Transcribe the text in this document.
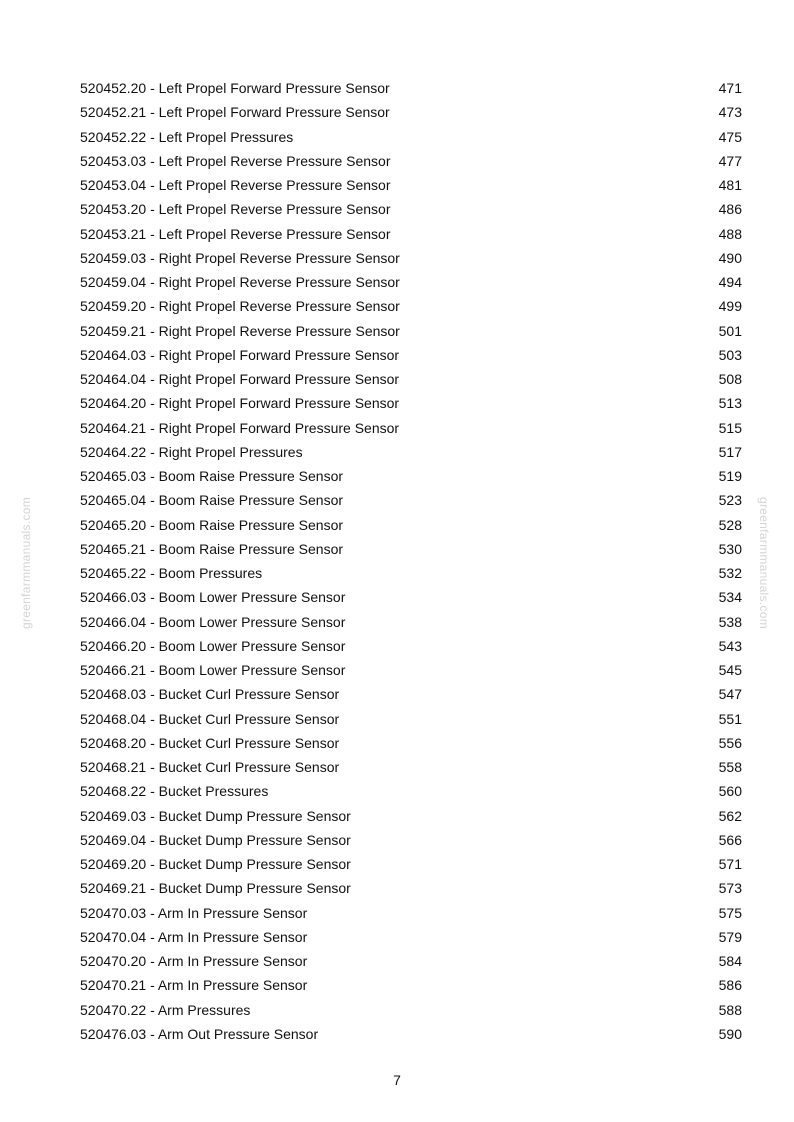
greenfarmmanuals.com	greenfarmmanuals.com
520452.20 - Left Propel Forward Pressure Sensor	471
520452.21 - Left Propel Forward Pressure Sensor	473
520452.22 - Left Propel Pressures	475
520453.03 - Left Propel Reverse Pressure Sensor	477
520453.04 - Left Propel Reverse Pressure Sensor	481
520453.20 - Left Propel Reverse Pressure Sensor	486
520453.21 - Left Propel Reverse Pressure Sensor	488
520459.03 - Right Propel Reverse Pressure Sensor	490
520459.04 - Right Propel Reverse Pressure Sensor	494
520459.20 - Right Propel Reverse Pressure Sensor	499
520459.21 - Right Propel Reverse Pressure Sensor	501
520464.03 - Right Propel Forward Pressure Sensor	503
520464.04 - Right Propel Forward Pressure Sensor	508
520464.20 - Right Propel Forward Pressure Sensor	513
520464.21 - Right Propel Forward Pressure Sensor	515
520464.22 - Right Propel Pressures	517
520465.03 - Boom Raise Pressure Sensor	519
520465.04 - Boom Raise Pressure Sensor	523
520465.20 - Boom Raise Pressure Sensor	528
520465.21 - Boom Raise Pressure Sensor	530
520465.22 - Boom Pressures	532
520466.03 - Boom Lower Pressure Sensor	534
520466.04 - Boom Lower Pressure Sensor	538
520466.20 - Boom Lower Pressure Sensor	543
520466.21 - Boom Lower Pressure Sensor	545
520468.03 - Bucket Curl Pressure Sensor	547
520468.04 - Bucket Curl Pressure Sensor	551
520468.20 - Bucket Curl Pressure Sensor	556
520468.21 - Bucket Curl Pressure Sensor	558
520468.22 - Bucket Pressures	560
520469.03 - Bucket Dump Pressure Sensor	562
520469.04 - Bucket Dump Pressure Sensor	566
520469.20 - Bucket Dump Pressure Sensor	571
520469.21 - Bucket Dump Pressure Sensor	573
520470.03 - Arm In Pressure Sensor	575
520470.04 - Arm In Pressure Sensor	579
520470.20 - Arm In Pressure Sensor	584
520470.21 - Arm In Pressure Sensor	586
520470.22 - Arm Pressures	588
520476.03 - Arm Out Pressure Sensor	590
7
